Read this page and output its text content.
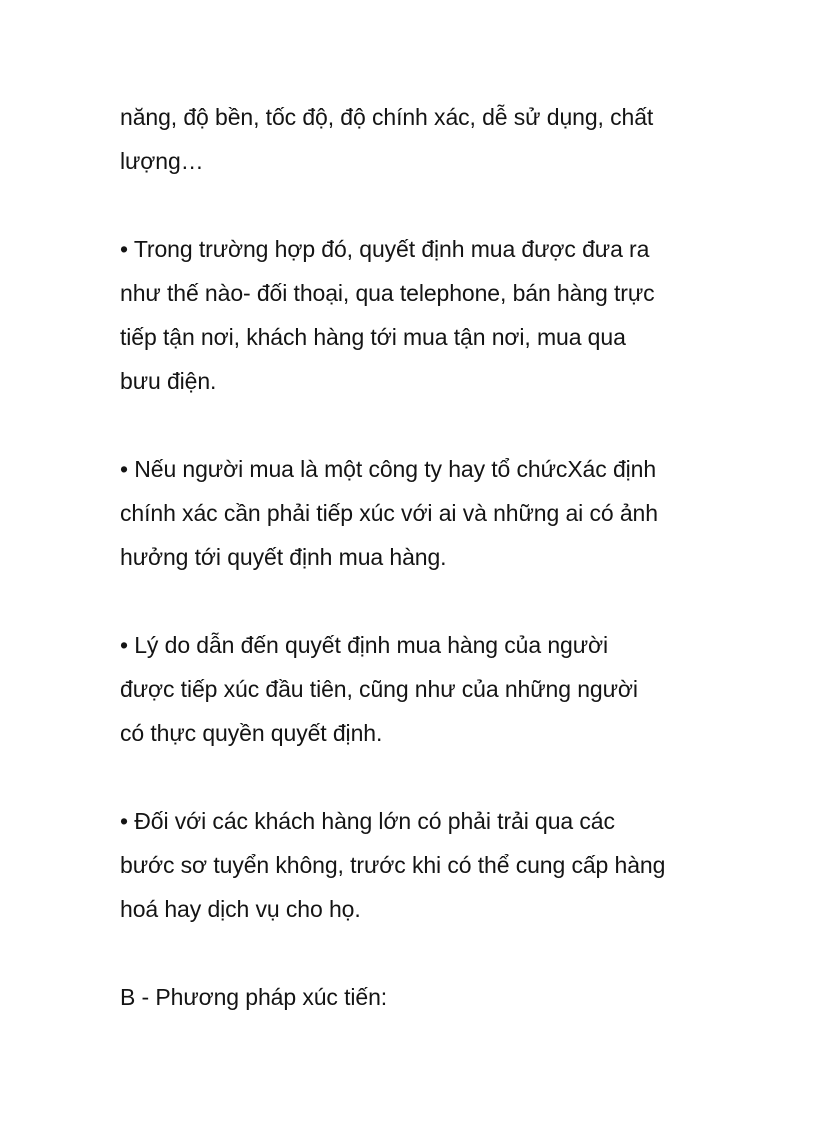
năng, độ bền, tốc độ, độ chính xác, dễ sử dụng, chất
lượng…

• Trong trường hợp đó, quyết định mua được đưa ra
như thế nào- đối thoại, qua telephone, bán hàng trực
tiếp tận nơi, khách hàng tới mua tận nơi, mua qua
bưu điện.

• Nếu người mua là một công ty hay tổ chứcXác định
chính xác cần phải tiếp xúc với ai và những ai có ảnh
hưởng tới quyết định mua hàng.

• Lý do dẫn đến quyết định mua hàng của người
được tiếp xúc đầu tiên, cũng như của những người
có thực quyền quyết định.

• Đối với các khách hàng lớn có phải trải qua các
bước sơ tuyển không, trước khi có thể cung cấp hàng
hoá hay dịch vụ cho họ.

B - Phương pháp xúc tiến:
